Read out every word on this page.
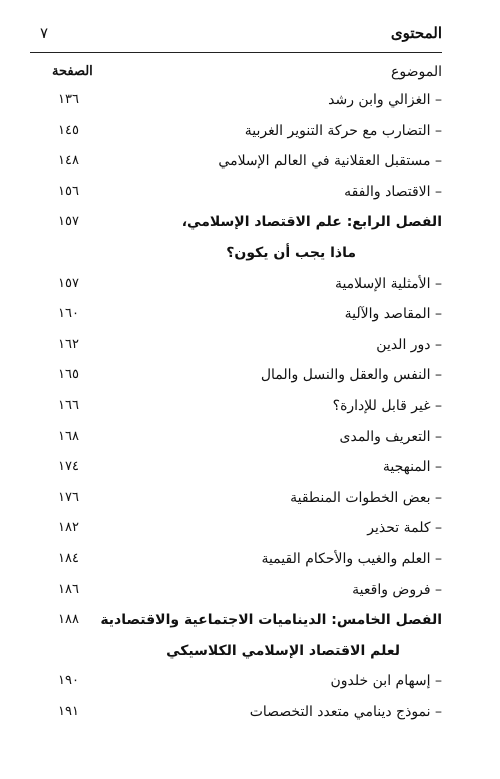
المحتوى
٧
الموضوع
الصفحة
– الغزالي وابن رشد
١٣٦
– التضارب مع حركة التنوير الغربية
١٤٥
– مستقبل العقلانية في العالم الإسلامي
١٤٨
– الاقتصاد والفقه
١٥٦
الفصل الرابع: علم الاقتصاد الإسلامي،
١٥٧
ماذا يجب أن يكون؟
– الأمثلية الإسلامية
١٥٧
– المقاصد والآلية
١٦٠
– دور الدين
١٦٢
– النفس والعقل والنسل والمال
١٦٥
– غير قابل للإدارة؟
١٦٦
– التعريف والمدى
١٦٨
– المنهجية
١٧٤
– بعض الخطوات المنطقية
١٧٦
– كلمة تحذير
١٨٢
– العلم والغيب والأحكام القيمية
١٨٤
– فروض واقعية
١٨٦
الفصل الخامس: الديناميات الاجتماعية والاقتصادية
١٨٨
لعلم الاقتصاد الإسلامي الكلاسيكي
– إسهام ابن خلدون
١٩٠
– نموذج دينامي متعدد التخصصات
١٩١
